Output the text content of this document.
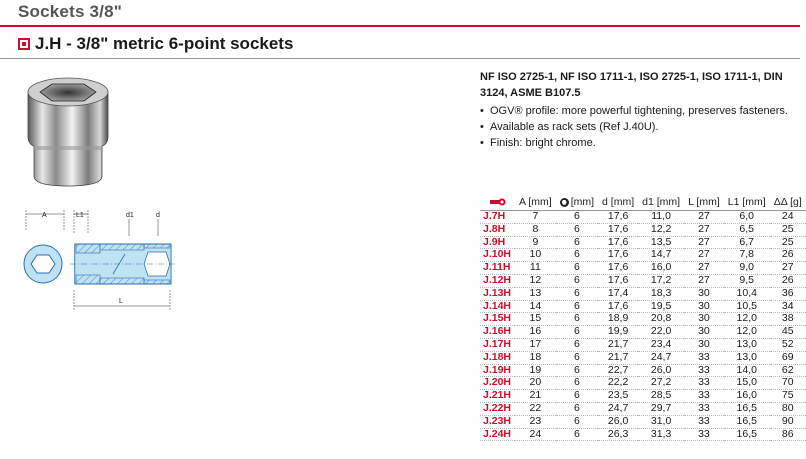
Sockets 3/8"
J.H - 3/8" metric 6-point sockets
A	L1	d1	d
L
NF ISO 2725-1, NF ISO 1711-1, ISO 2725-1, ISO 1711-1, DIN 3124, ASME B107.5
• OGV® profile: more powerful tightening, preserves fasteners.
• Available as rack sets (Ref J.40U).
• Finish: bright chrome.
	A [mm]	[mm]	d [mm]	d1 [mm]	L [mm]	L1 [mm]	ΔΔ [g]
J.7H	7	6	17,6	11,0	27	6,0	24
J.8H	8	6	17,6	12,2	27	6,5	25
J.9H	9	6	17,6	13,5	27	6,7	25
J.10H	10	6	17,6	14,7	27	7,8	26
J.11H	11	6	17,6	16,0	27	9,0	27
J.12H	12	6	17,6	17,2	27	9,5	26
J.13H	13	6	17,4	18,3	30	10,4	36
J.14H	14	6	17,6	19,5	30	10,5	34
J.15H	15	6	18,9	20,8	30	12,0	38
J.16H	16	6	19,9	22,0	30	12,0	45
J.17H	17	6	21,7	23,4	30	13,0	52
J.18H	18	6	21,7	24,7	33	13,0	69
J.19H	19	6	22,7	26,0	33	14,0	62
J.20H	20	6	22,2	27,2	33	15,0	70
J.21H	21	6	23,5	28,5	33	16,0	75
J.22H	22	6	24,7	29,7	33	16,5	80
J.23H	23	6	26,0	31,0	33	16,5	90
J.24H	24	6	26,3	31,3	33	16,5	86
